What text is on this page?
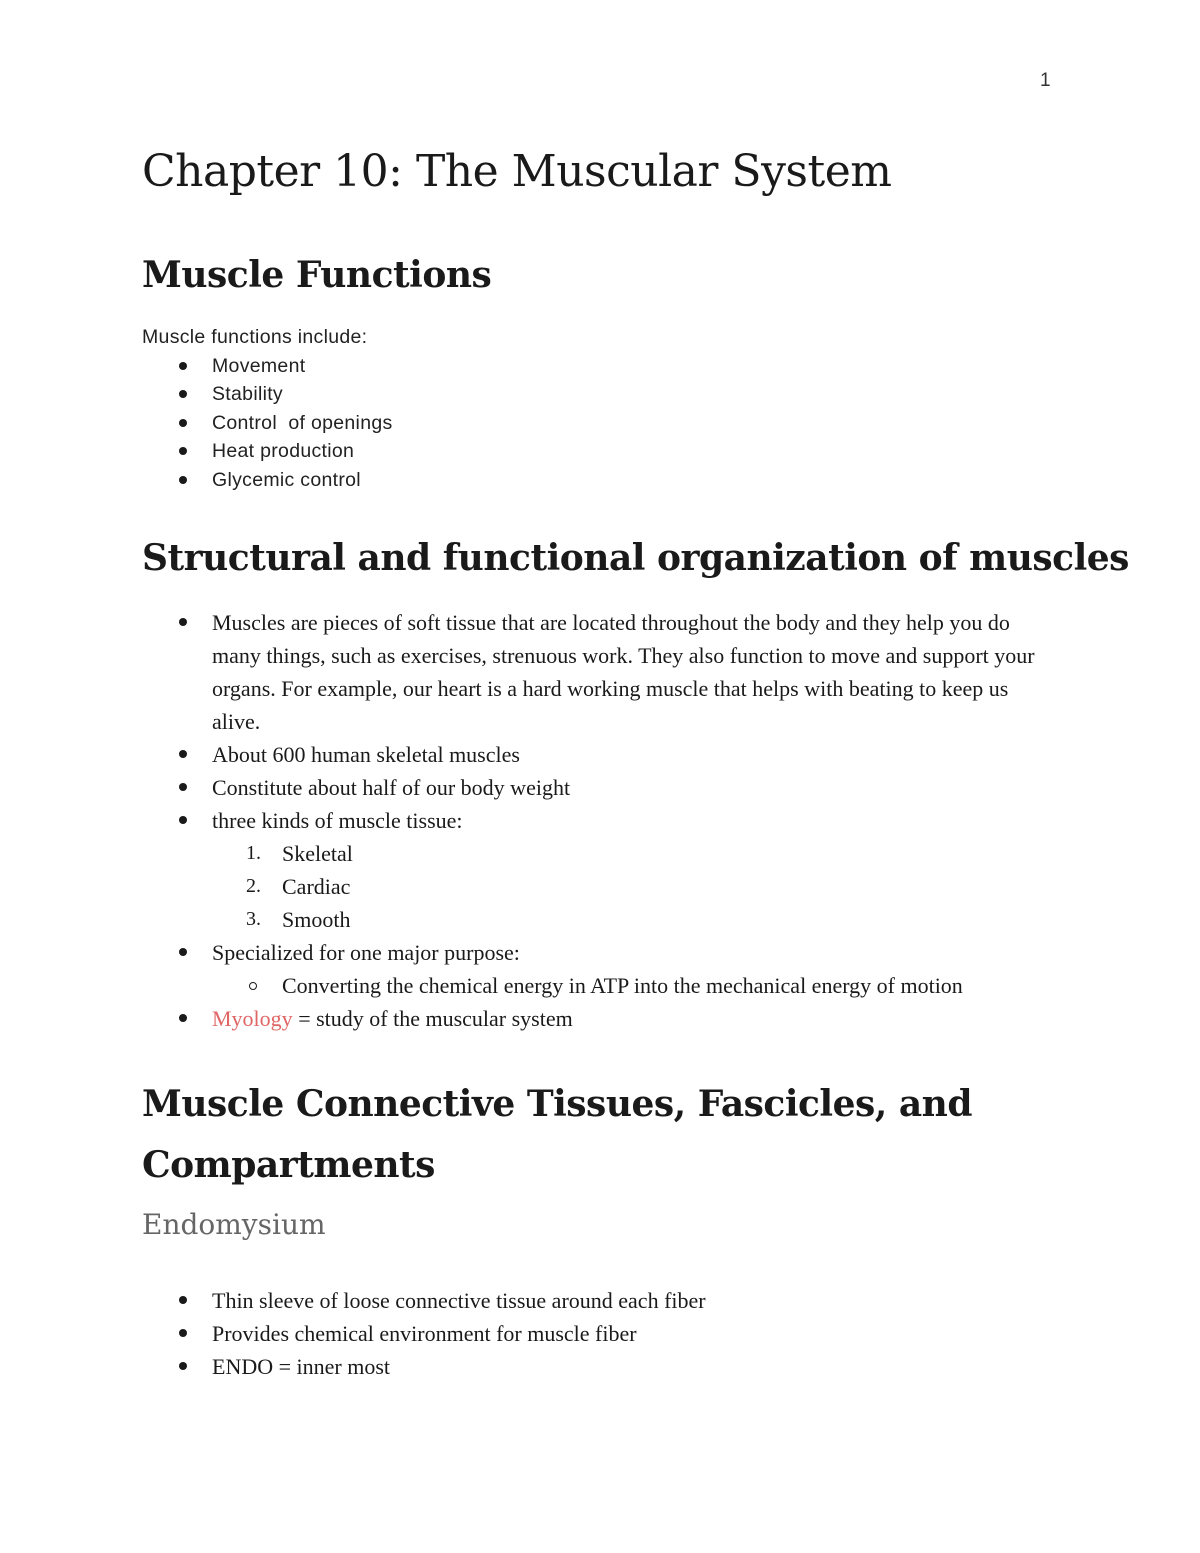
1
Chapter 10: The Muscular System
Muscle Functions
Muscle functions include:
Movement
Stability
Control  of openings
Heat production
Glycemic control
Structural and functional organization of muscles
Muscles are pieces of soft tissue that are located throughout the body and they help you do many things, such as exercises, strenuous work. They also function to move and support your organs. For example, our heart is a hard working muscle that helps with beating to keep us alive.
About 600 human skeletal muscles
Constitute about half of our body weight
three kinds of muscle tissue:
1. Skeletal
2. Cardiac
3. Smooth
Specialized for one major purpose:
Converting the chemical energy in ATP into the mechanical energy of motion
Myology = study of the muscular system
Muscle Connective Tissues, Fascicles, and Compartments
Endomysium
Thin sleeve of loose connective tissue around each fiber
Provides chemical environment for muscle fiber
ENDO = inner most
